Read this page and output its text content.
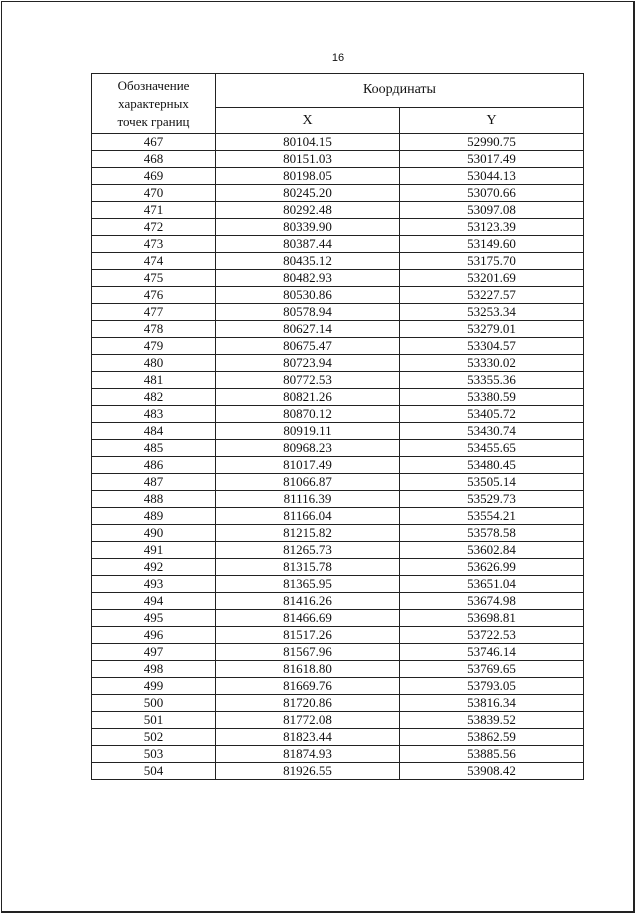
16
Обозначение
характерных
точек границ	Координаты	
	X	Y
467	80104.15	52990.75
468	80151.03	53017.49
469	80198.05	53044.13
470	80245.20	53070.66
471	80292.48	53097.08
472	80339.90	53123.39
473	80387.44	53149.60
474	80435.12	53175.70
475	80482.93	53201.69
476	80530.86	53227.57
477	80578.94	53253.34
478	80627.14	53279.01
479	80675.47	53304.57
480	80723.94	53330.02
481	80772.53	53355.36
482	80821.26	53380.59
483	80870.12	53405.72
484	80919.11	53430.74
485	80968.23	53455.65
486	81017.49	53480.45
487	81066.87	53505.14
488	81116.39	53529.73
489	81166.04	53554.21
490	81215.82	53578.58
491	81265.73	53602.84
492	81315.78	53626.99
493	81365.95	53651.04
494	81416.26	53674.98
495	81466.69	53698.81
496	81517.26	53722.53
497	81567.96	53746.14
498	81618.80	53769.65
499	81669.76	53793.05
500	81720.86	53816.34
501	81772.08	53839.52
502	81823.44	53862.59
503	81874.93	53885.56
504	81926.55	53908.42
